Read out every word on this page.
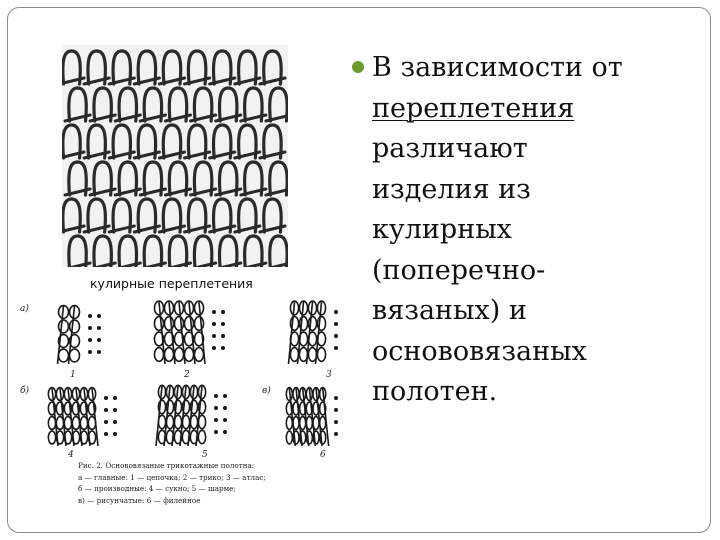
кулирные переплетения
а)
б)	в)
1	2	3
4	5	6
Рис. 2. Основовязаные трикотажные полотна:
а — главные: 1 — цепочка; 2 — трико; 3 — атлас;
б — производные: 4 — сукно; 5 — шарме;
в) — рисунчатые: 6 — филейное
В зависимости от
переплетения
различают
изделия из
кулирных
(поперечно-
вязаных) и
основовязаных
полотен.
